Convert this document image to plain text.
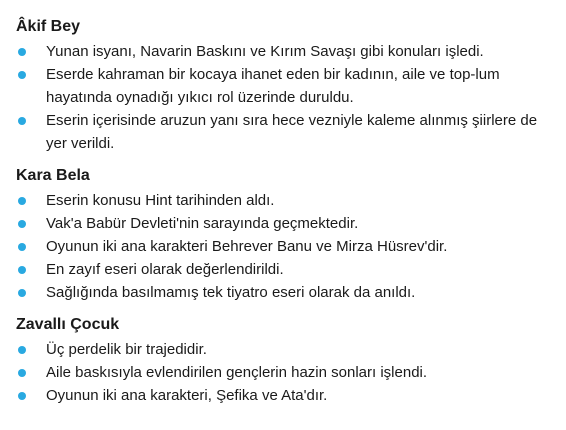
Âkif Bey
Yunan isyanı, Navarin Baskını ve Kırım Savaşı gibi konuları işledi.
Eserde kahraman bir kocaya ihanet eden bir kadının, aile ve top-lum hayatında oynadığı yıkıcı rol üzerinde duruldu.
Eserin içerisinde aruzun yanı sıra hece vezniyle kaleme alınmış şiirlere de yer verildi.
Kara Bela
Eserin konusu Hint tarihinden aldı.
Vak'a Babür Devleti'nin sarayında geçmektedir.
Oyunun iki ana karakteri Behrever Banu ve Mirza Hüsrev'dir.
En zayıf eseri olarak değerlendirildi.
Sağlığında basılmamış tek tiyatro eseri olarak da anıldı.
Zavallı Çocuk
Üç perdelik bir trajedidir.
Aile baskısıyla evlendirilen gençlerin hazin sonları işlendi.
Oyunun iki ana karakteri, Şefika ve Ata'dır.
